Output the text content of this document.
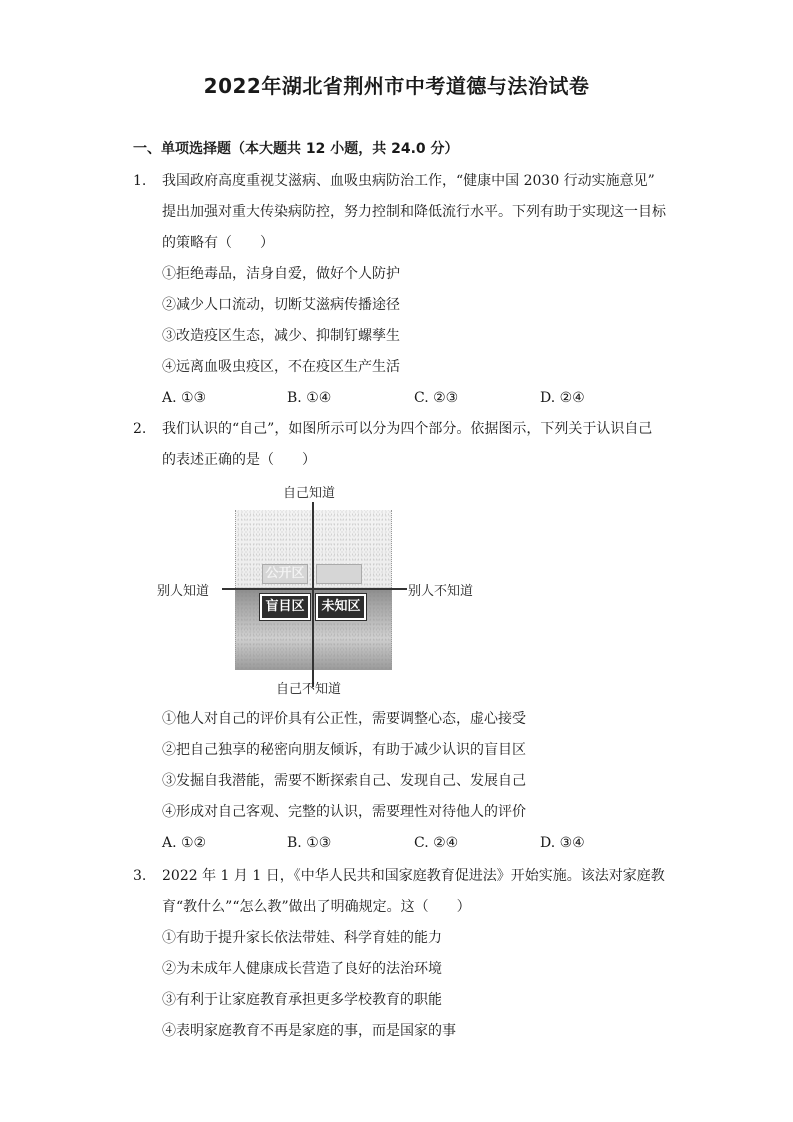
2022年湖北省荆州市中考道德与法治试卷
一、单项选择题（本大题共 12 小题，共 24.0 分）
1.	我国政府高度重视艾滋病、血吸虫病防治工作，“健康中国 2030 行动实施意见”
提出加强对重大传染病防控，努力控制和降低流行水平。下列有助于实现这一目标
的策略有（　　）
①拒绝毒品，洁身自爱，做好个人防护
②减少人口流动，切断艾滋病传播途径
③改造疫区生态，减少、抑制钉螺孳生
④远离血吸虫疫区，不在疫区生产生活
A. ①③	B. ①④	C. ②③	D. ②④
2.	我们认识的“自己”，如图所示可以分为四个部分。依据图示，下列关于认识自己
的表述正确的是（　　）
自己知道
自己不知道
别人知道	别人不知道
公开区
盲目区	未知区
①他人对自己的评价具有公正性，需要调整心态，虚心接受
②把自己独享的秘密向朋友倾诉，有助于减少认识的盲目区
③发掘自我潜能，需要不断探索自己、发现自己、发展自己
④形成对自己客观、完整的认识，需要理性对待他人的评价
A. ①②	B. ①③	C. ②④	D. ③④
3.	2022 年 1 月 1 日，《中华人民共和国家庭教育促进法》开始实施。该法对家庭教
育“教什么”“怎么教”做出了明确规定。这（　　）
①有助于提升家长依法带娃、科学育娃的能力
②为未成年人健康成长营造了良好的法治环境
③有利于让家庭教育承担更多学校教育的职能
④表明家庭教育不再是家庭的事，而是国家的事
